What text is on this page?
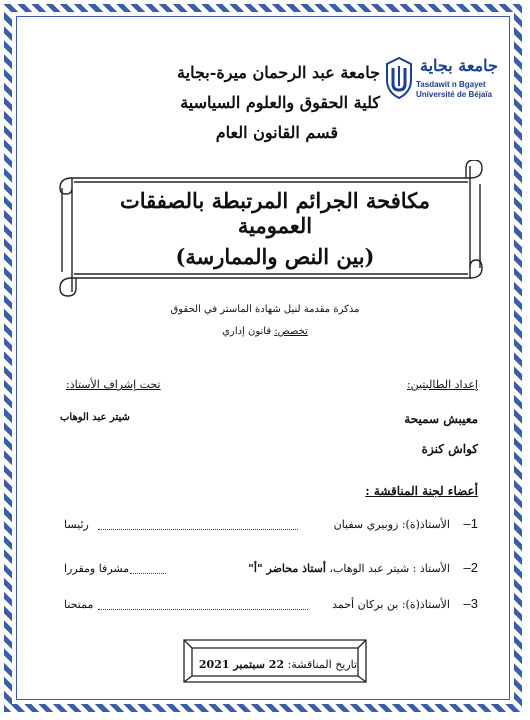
جامعة بجاية
Tasdawit n Bgayet
Université de Béjaïa
جامعة عبد الرحمان ميرة-بجاية
كلية الحقوق والعلوم السياسية
قسم القانون العام
مكافحة الجرائم المرتبطة بالصفقات العمومية
(بين النص والممارسة)
مذكرة مقدمة لنيل شهادة الماستر في الحقوق
تخصص: قانون إداري
إعداد الطالبتين:
تحت إشراف الأستاذ:
معيبش سميحة
كواش كنزة
شيتر عبد الوهاب
أعضاء لجنة المناقشة :
1–
الأستاذ(ة): زوبيري سفيان
رئيسا
2–
الأستاذ : شيتر عبد الوهاب، أستاذ محاضر "أ"
مشرفا ومقررا
3–
الأستاذ(ة): بن بركان أحمد
ممتحنا
تاريخ المناقشة: 22 سبتمبر 2021
